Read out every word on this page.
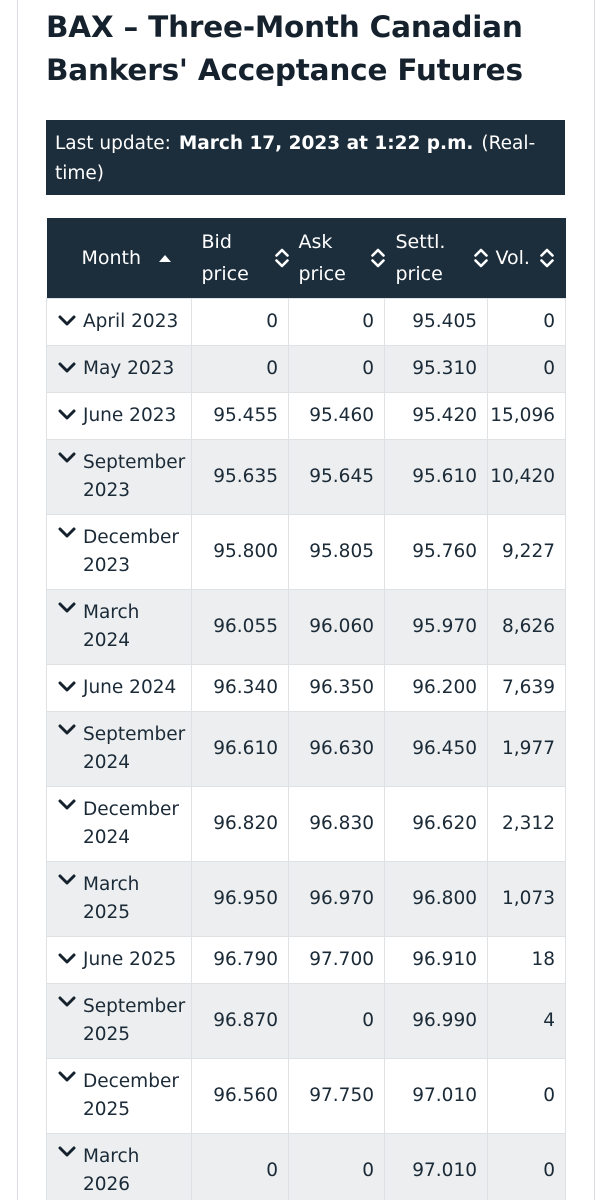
BAX – Three-Month Canadian Bankers' Acceptance Futures
Last update: March 17, 2023 at 1:22 p.m. (Real-time)
Month	Bid price	Ask price	Settl. price	Vol.

April 2023	0	0	95.405	0

May 2023	0	0	95.310	0

June 2023	95.455	95.460	95.420	15,096

September 2023	95.635	95.645	95.610	10,420

December 2023	95.800	95.805	95.760	9,227

March 2024	96.055	96.060	95.970	8,626

June 2024	96.340	96.350	96.200	7,639

September 2024	96.610	96.630	96.450	1,977

December 2024	96.820	96.830	96.620	2,312

March 2025	96.950	96.970	96.800	1,073

June 2025	96.790	97.700	96.910	18

September 2025	96.870	0	96.990	4

December 2025	96.560	97.750	97.010	0

March 2026	0	0	97.010	0
